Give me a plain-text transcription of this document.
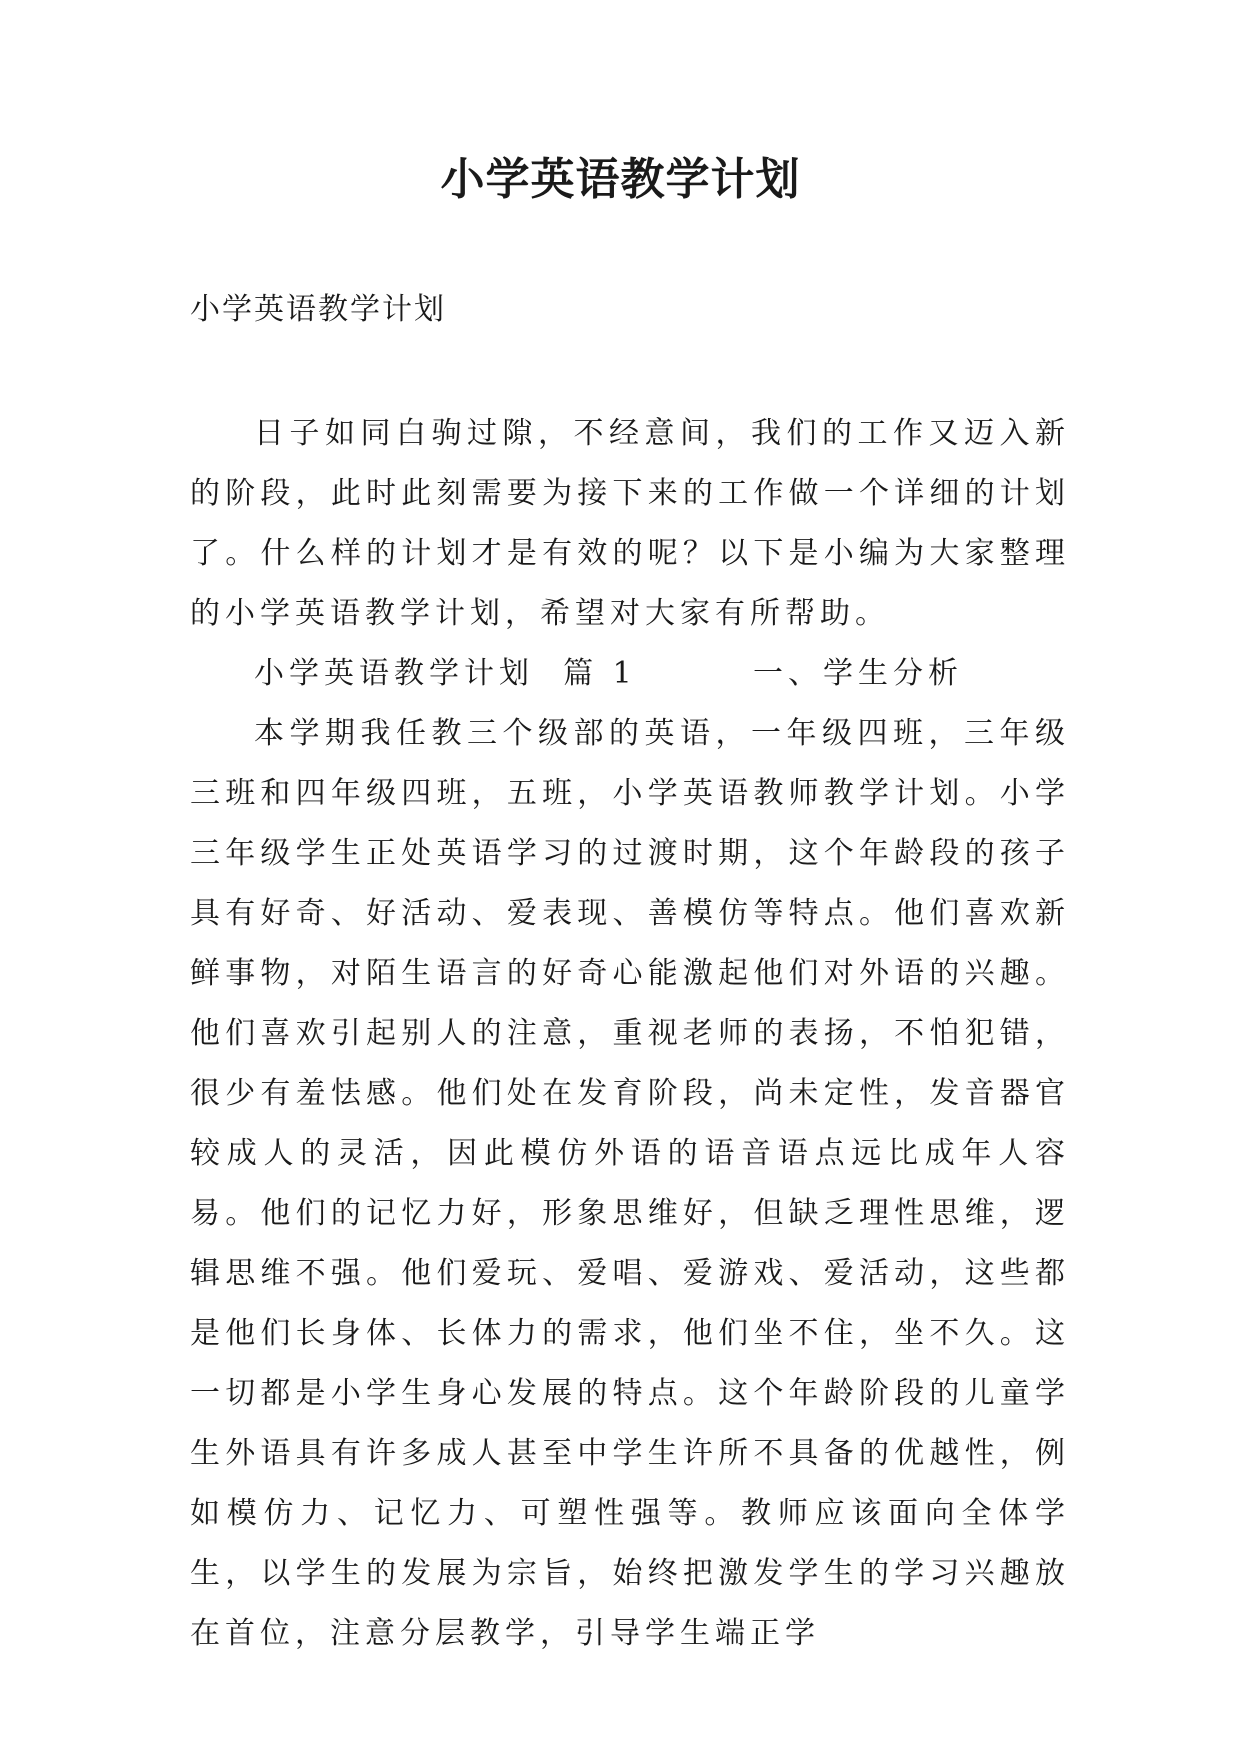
小学英语教学计划
小学英语教学计划

日子如同白驹过隙，不经意间，我们的工作又迈入新的阶段，此时此刻需要为接下来的工作做一个详细的计划了。什么样的计划才是有效的呢？以下是小编为大家整理的小学英语教学计划，希望对大家有所帮助。

小学英语教学计划  篇 1        一、学生分析

本学期我任教三个级部的英语，一年级四班，三年级三班和四年级四班，五班，小学英语教师教学计划。小学三年级学生正处英语学习的过渡时期，这个年龄段的孩子具有好奇、好活动、爱表现、善模仿等特点。他们喜欢新鲜事物，对陌生语言的好奇心能激起他们对外语的兴趣。他们喜欢引起别人的注意，重视老师的表扬，不怕犯错，很少有羞怯感。他们处在发育阶段，尚未定性，发音器官较成人的灵活，因此模仿外语的语音语点远比成年人容易。他们的记忆力好，形象思维好，但缺乏理性思维，逻辑思维不强。他们爱玩、爱唱、爱游戏、爱活动，这些都是他们长身体、长体力的需求，他们坐不住，坐不久。这一切都是小学生身心发展的特点。这个年龄阶段的儿童学生外语具有许多成人甚至中学生许所不具备的优越性，例如模仿力、记忆力、可塑性强等。教师应该面向全体学生，以学生的发展为宗旨，始终把激发学生的学习兴趣放在首位，注意分层教学，引导学生端正学
